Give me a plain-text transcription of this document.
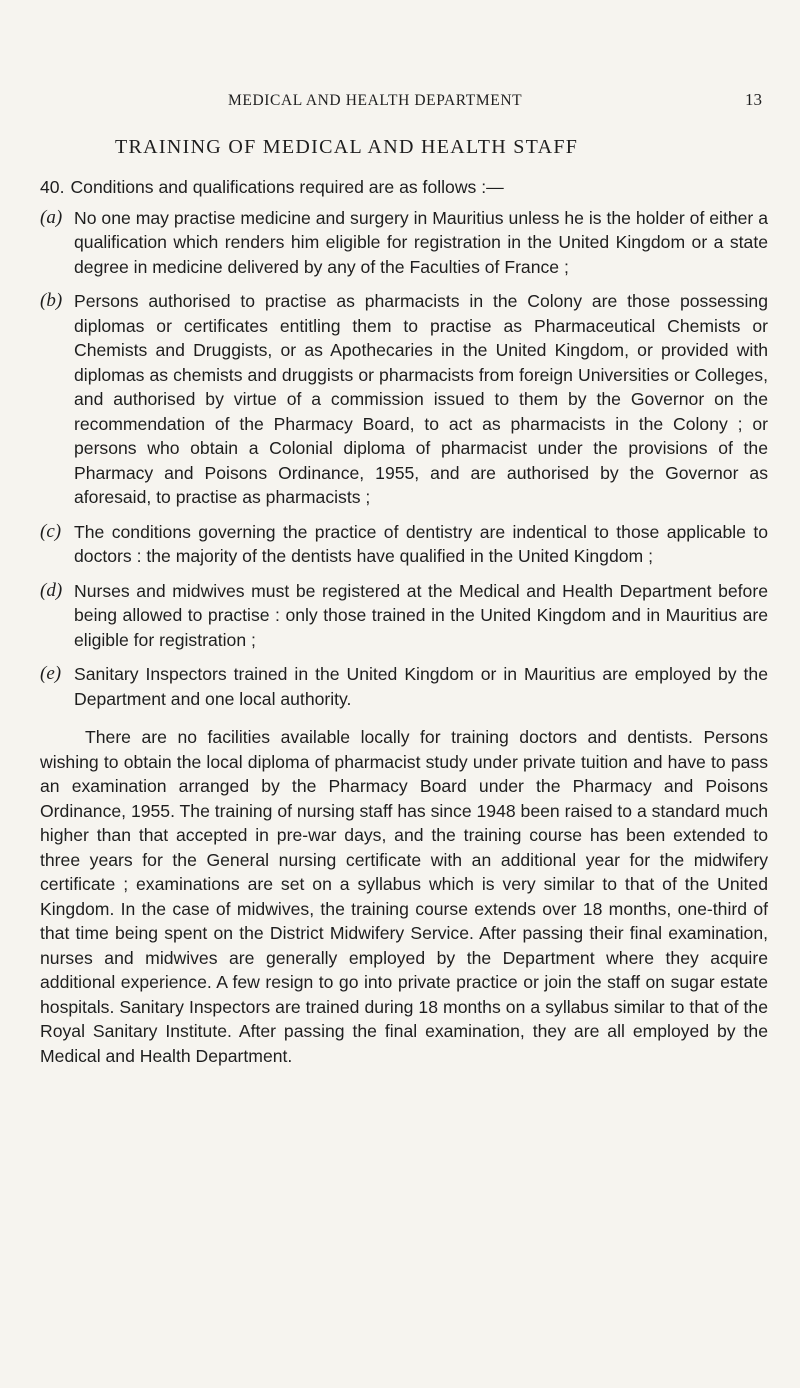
MEDICAL AND HEALTH DEPARTMENT	13
TRAINING OF MEDICAL AND HEALTH STAFF

40. Conditions and qualifications required are as follows :—

(a) No one may practise medicine and surgery in Mauritius unless he is the holder of either a qualification which renders him eligible for registration in the United Kingdom or a state degree in medicine delivered by any of the Faculties of France ;
(b) Persons authorised to practise as pharmacists in the Colony are those possessing diplomas or certificates entitling them to practise as Pharmaceutical Chemists or Chemists and Druggists, or as Apothecaries in the United Kingdom, or provided with diplomas as chemists and druggists or pharmacists from foreign Universities or Colleges, and authorised by virtue of a commission issued to them by the Governor on the recommendation of the Pharmacy Board, to act as pharmacists in the Colony ; or persons who obtain a Colonial diploma of pharmacist under the provisions of the Pharmacy and Poisons Ordinance, 1955, and are authorised by the Governor as aforesaid, to practise as pharmacists ;
(c) The conditions governing the practice of dentistry are indentical to those applicable to doctors : the majority of the dentists have qualified in the United Kingdom ;
(d) Nurses and midwives must be registered at the Medical and Health Department before being allowed to practise : only those trained in the United Kingdom and in Mauritius are eligible for registration ;
(e) Sanitary Inspectors trained in the United Kingdom or in Mauritius are employed by the Department and one local authority.

There are no facilities available locally for training doctors and dentists. Persons wishing to obtain the local diploma of pharmacist study under private tuition and have to pass an examination arranged by the Pharmacy Board under the Pharmacy and Poisons Ordinance, 1955. The training of nursing staff has since 1948 been raised to a standard much higher than that accepted in pre-war days, and the training course has been extended to three years for the General nursing certificate with an additional year for the midwifery certificate ; examinations are set on a syllabus which is very similar to that of the United Kingdom. In the case of midwives, the training course extends over 18 months, one-third of that time being spent on the District Midwifery Service. After passing their final examination, nurses and midwives are generally employed by the Department where they acquire additional experience. A few resign to go into private practice or join the staff on sugar estate hospitals. Sanitary Inspectors are trained during 18 months on a syllabus similar to that of the Royal Sanitary Institute. After passing the final examination, they are all employed by the Medical and Health Department.
